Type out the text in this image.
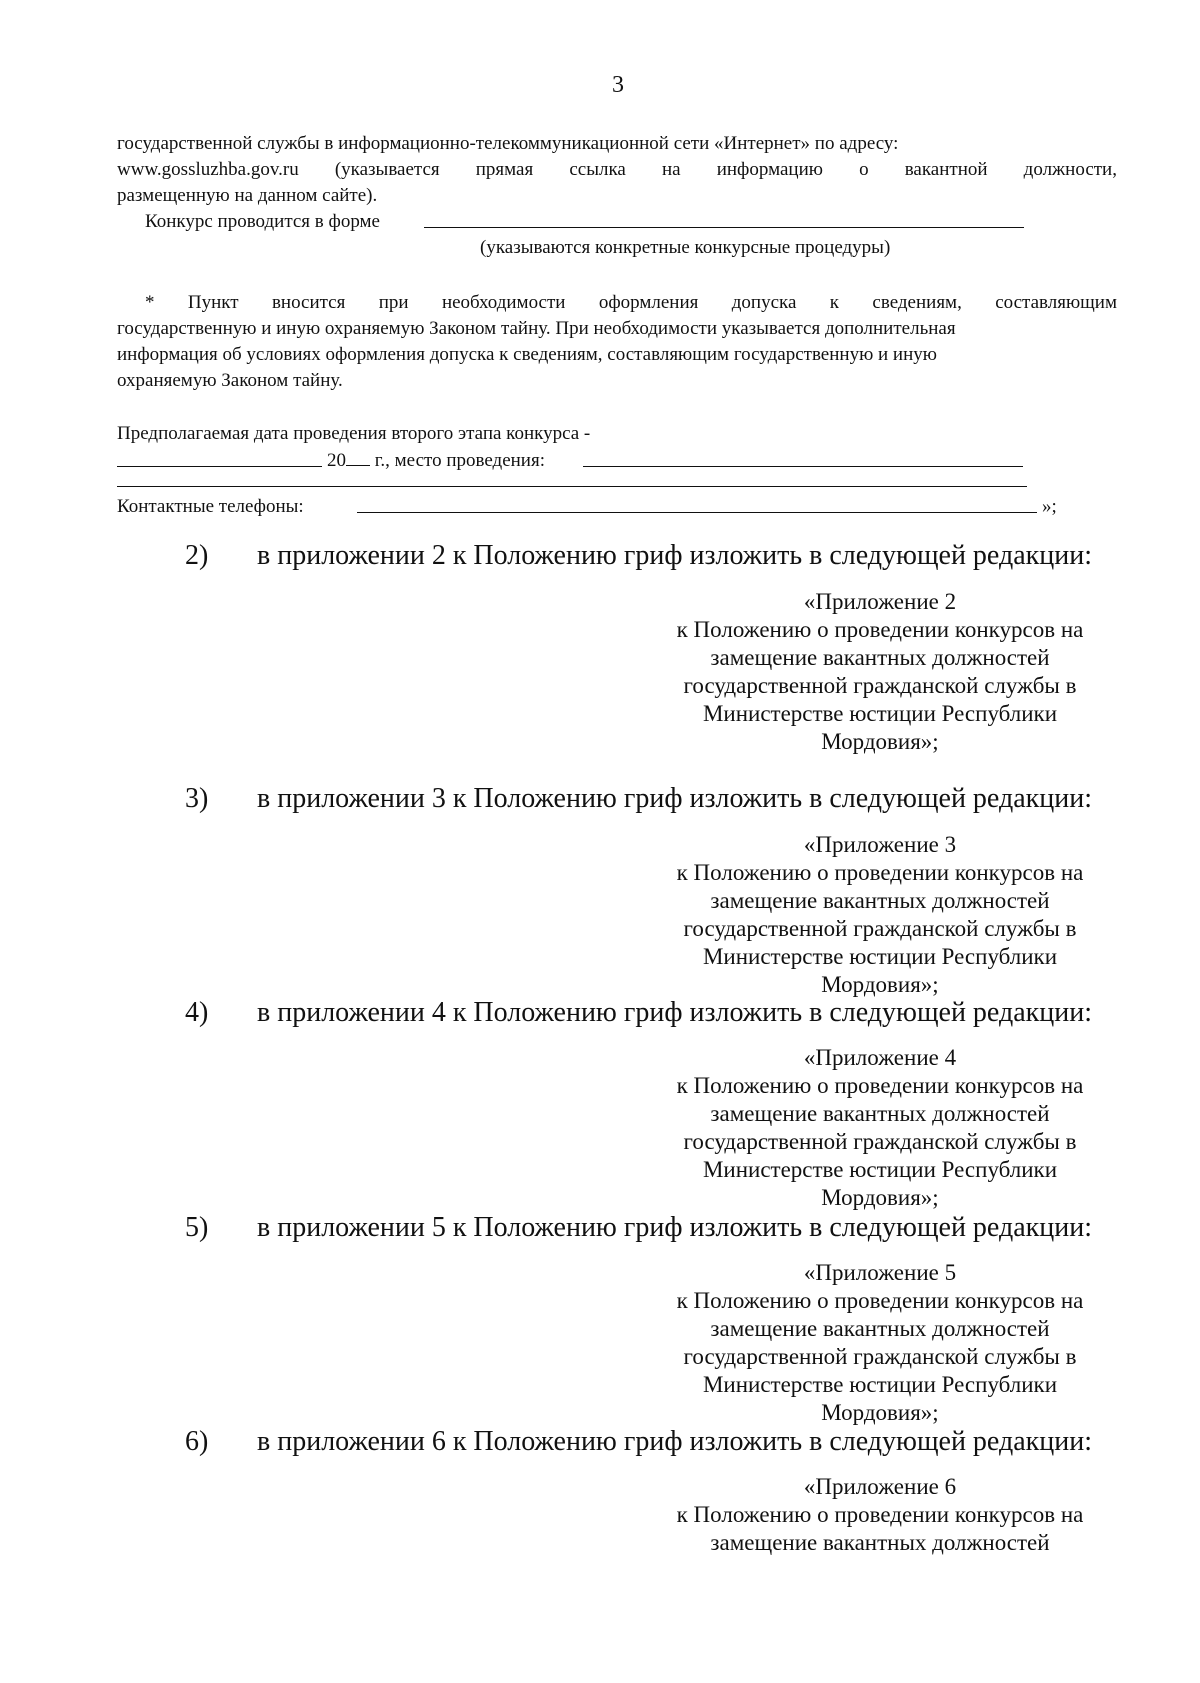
3
государственной службы в информационно-телекоммуникационной сети «Интернет» по адресу:
www.gossluzhba.gov.ru (указывается прямая ссылка на информацию о вакантной должности,
размещенную на данном сайте).
Конкурс проводится в форме
(указываются конкретные конкурсные процедуры)
* Пункт вносится при необходимости оформления допуска к сведениям, составляющим
государственную и иную охраняемую Законом тайну. При необходимости указывается дополнительная
информация об условиях оформления допуска к сведениям, составляющим государственную и иную
охраняемую Законом тайну.
Предполагаемая дата проведения второго этапа конкурса -
20 г., место проведения:
Контактные телефоны:	»;
2) в приложении 2 к Положению гриф изложить в следующей редакции:
«Приложение 2
к Положению о проведении конкурсов на
замещение вакантных должностей
государственной гражданской службы в
Министерстве юстиции Республики
Мордовия»;
3) в приложении 3 к Положению гриф изложить в следующей редакции:
«Приложение 3
к Положению о проведении конкурсов на
замещение вакантных должностей
государственной гражданской службы в
Министерстве юстиции Республики
Мордовия»;
4) в приложении 4 к Положению гриф изложить в следующей редакции:
«Приложение 4
к Положению о проведении конкурсов на
замещение вакантных должностей
государственной гражданской службы в
Министерстве юстиции Республики
Мордовия»;
5) в приложении 5 к Положению гриф изложить в следующей редакции:
«Приложение 5
к Положению о проведении конкурсов на
замещение вакантных должностей
государственной гражданской службы в
Министерстве юстиции Республики
Мордовия»;
6) в приложении 6 к Положению гриф изложить в следующей редакции:
«Приложение 6
к Положению о проведении конкурсов на
замещение вакантных должностей
